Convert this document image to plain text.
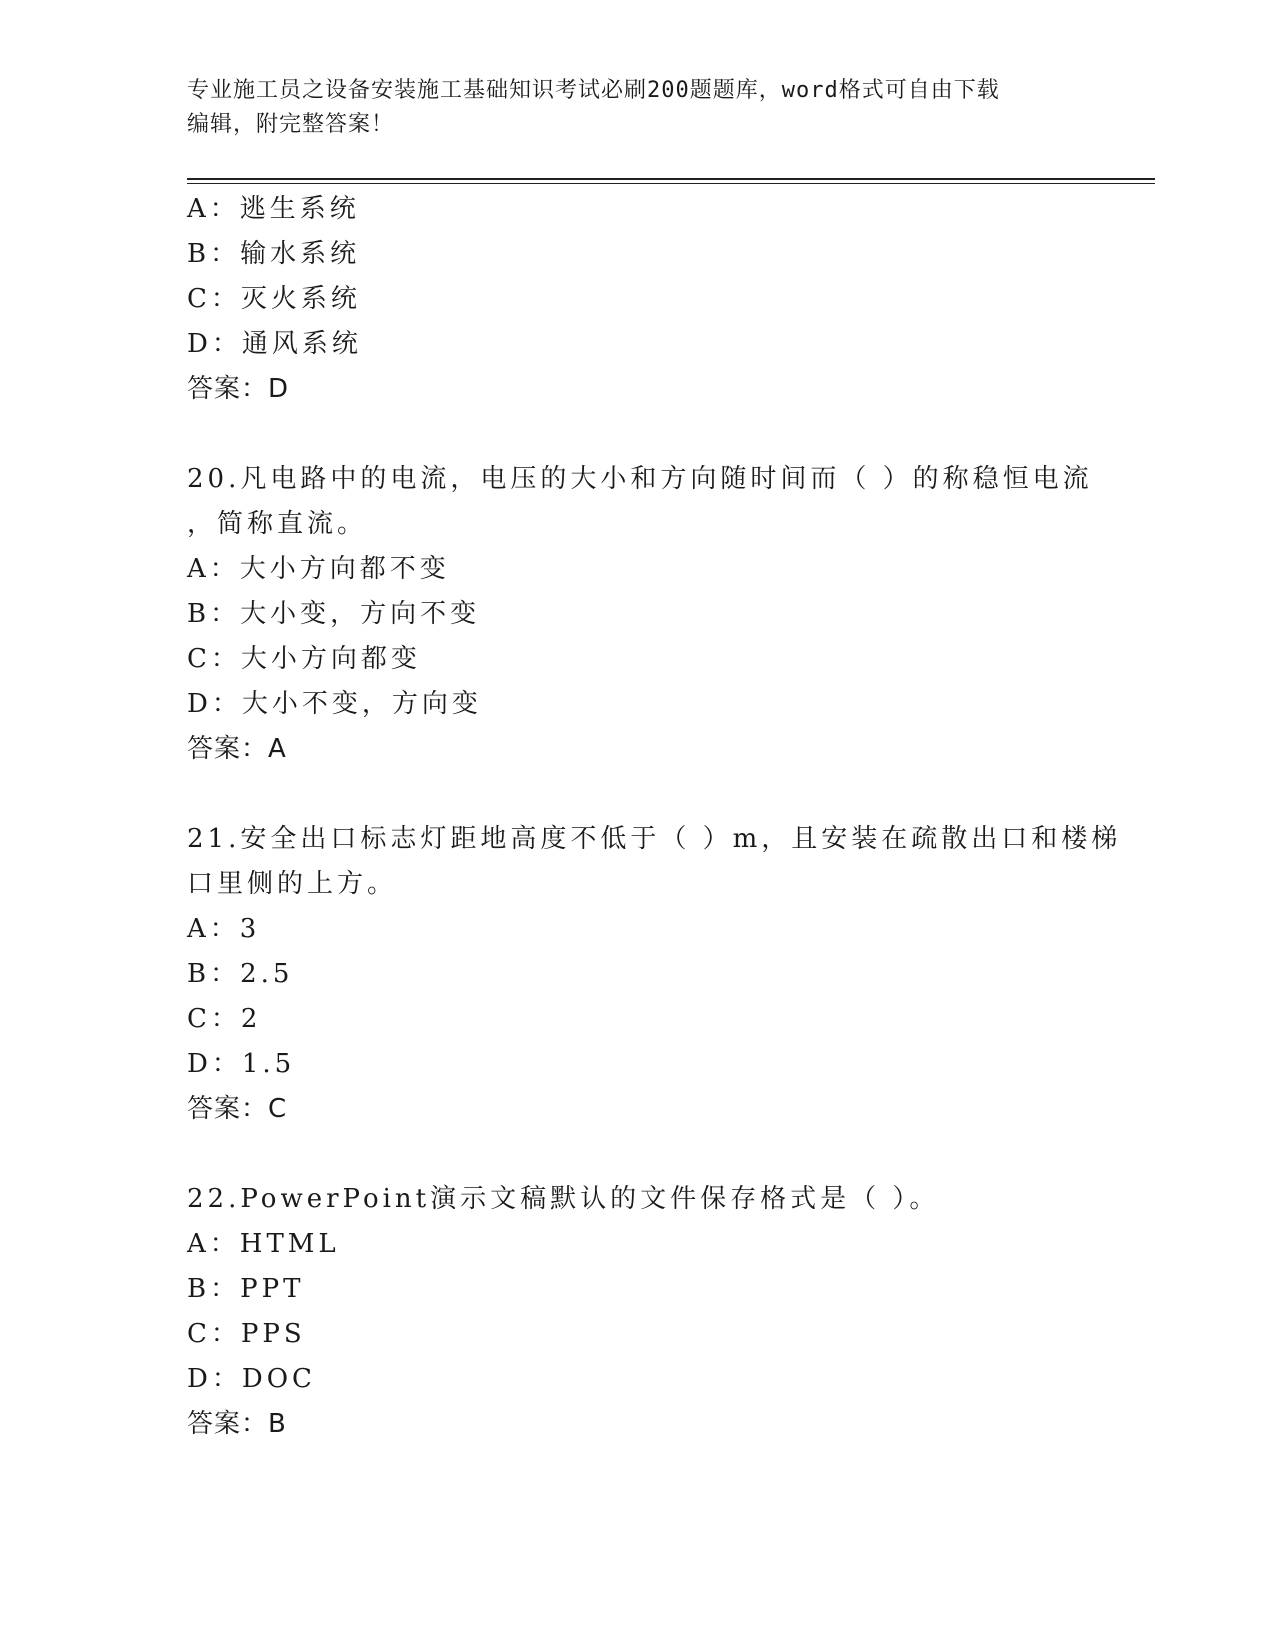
专业施工员之设备安装施工基础知识考试必刷200题题库，word格式可自由下载
编辑，附完整答案！
A：逃生系统
B：输水系统
C：灭火系统
D：通风系统
答案：D
20.凡电路中的电流，电压的大小和方向随时间而（ ）的称稳恒电流
，简称直流。
A：大小方向都不变
B：大小变，方向不变
C：大小方向都变
D：大小不变，方向变
答案：A
21.安全出口标志灯距地高度不低于（ ）m，且安装在疏散出口和楼梯
口里侧的上方。
A：3
B：2.5
C：2
D：1.5
答案：C
22.PowerPoint演示文稿默认的文件保存格式是（ ）。
A：HTML
B：PPT
C：PPS
D：DOC
答案：B
